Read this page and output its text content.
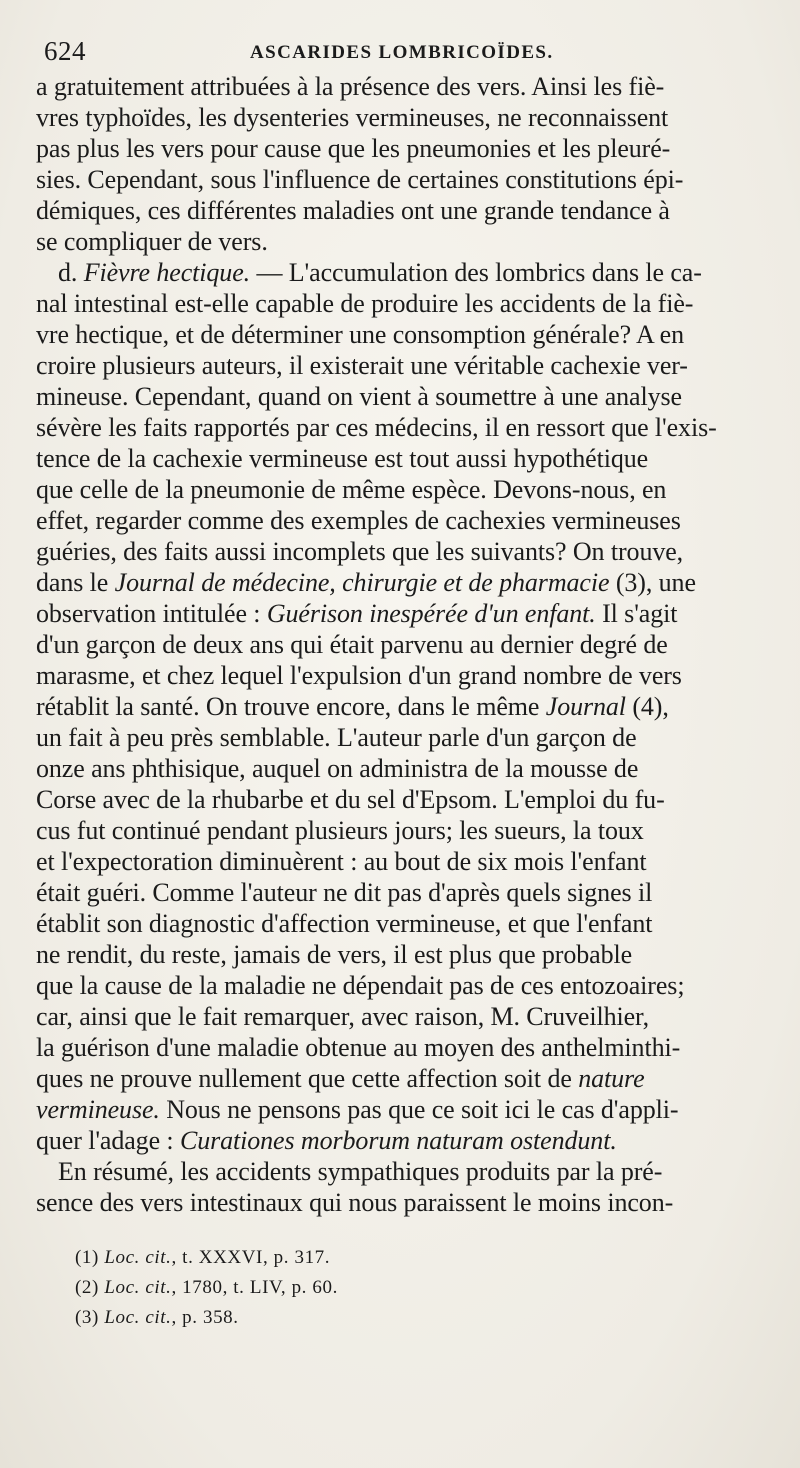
624	ASCARIDES LOMBRICOÏDES.
a gratuitement attribuées à la présence des vers. Ainsi les fiè-
vres typhoïdes, les dysenteries vermineuses, ne reconnaissent
pas plus les vers pour cause que les pneumonies et les pleuré-
sies. Cependant, sous l'influence de certaines constitutions épi-
démiques, ces différentes maladies ont une grande tendance à
se compliquer de vers.
d. Fièvre hectique. — L'accumulation des lombrics dans le ca-
nal intestinal est-elle capable de produire les accidents de la fiè-
vre hectique, et de déterminer une consomption générale? A en
croire plusieurs auteurs, il existerait une véritable cachexie ver-
mineuse. Cependant, quand on vient à soumettre à une analyse
sévère les faits rapportés par ces médecins, il en ressort que l'exis-
tence de la cachexie vermineuse est tout aussi hypothétique
que celle de la pneumonie de même espèce. Devons-nous, en
effet, regarder comme des exemples de cachexies vermineuses
guéries, des faits aussi incomplets que les suivants? On trouve,
dans le Journal de médecine, chirurgie et de pharmacie (3), une
observation intitulée : Guérison inespérée d'un enfant. Il s'agit
d'un garçon de deux ans qui était parvenu au dernier degré de
marasme, et chez lequel l'expulsion d'un grand nombre de vers
rétablit la santé. On trouve encore, dans le même Journal (4),
un fait à peu près semblable. L'auteur parle d'un garçon de
onze ans phthisique, auquel on administra de la mousse de
Corse avec de la rhubarbe et du sel d'Epsom. L'emploi du fu-
cus fut continué pendant plusieurs jours; les sueurs, la toux
et l'expectoration diminuèrent : au bout de six mois l'enfant
était guéri. Comme l'auteur ne dit pas d'après quels signes il
établit son diagnostic d'affection vermineuse, et que l'enfant
ne rendit, du reste, jamais de vers, il est plus que probable
que la cause de la maladie ne dépendait pas de ces entozoaires;
car, ainsi que le fait remarquer, avec raison, M. Cruveilhier,
la guérison d'une maladie obtenue au moyen des anthelminthi-
ques ne prouve nullement que cette affection soit de nature
vermineuse. Nous ne pensons pas que ce soit ici le cas d'appli-
quer l'adage : Curationes morborum naturam ostendunt.
En résumé, les accidents sympathiques produits par la pré-
sence des vers intestinaux qui nous paraissent le moins incon-
(1) Loc. cit., t. XXXVI, p. 317.
(2) Loc. cit., 1780, t. LIV, p. 60.
(3) Loc. cit., p. 358.
